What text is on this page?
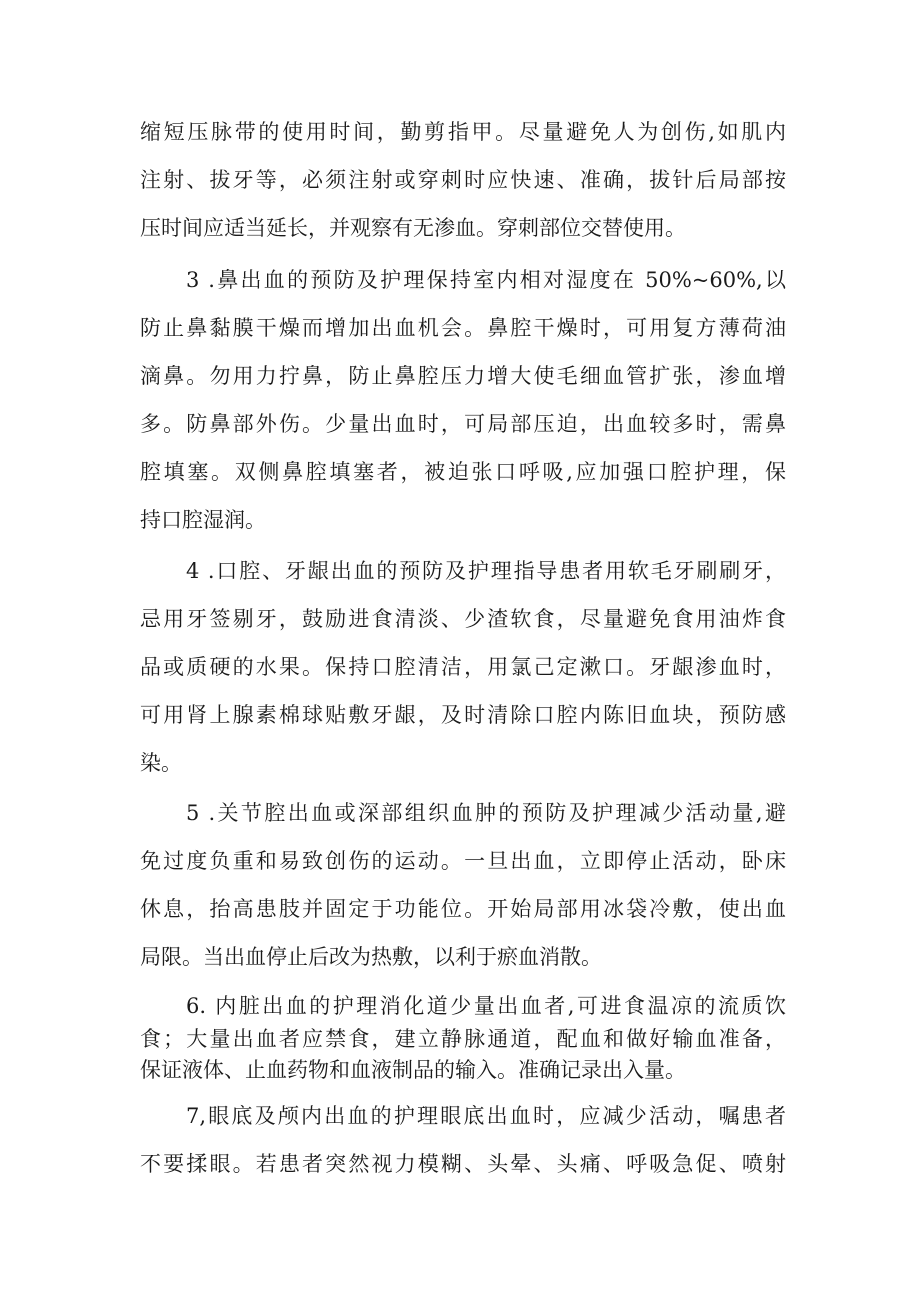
缩短压脉带的使用时间，勤剪指甲。尽量避免人为创伤,如肌内
注射、拔牙等，必须注射或穿刺时应快速、准确，拔针后局部按
压时间应适当延长，并观察有无渗血。穿刺部位交替使用。
3 .鼻出血的预防及护理保持室内相对湿度在 50%~60%,以
防止鼻黏膜干燥而增加出血机会。鼻腔干燥时，可用复方薄荷油
滴鼻。勿用力拧鼻，防止鼻腔压力增大使毛细血管扩张，渗血增
多。防鼻部外伤。少量出血时，可局部压迫，出血较多时，需鼻
腔填塞。双侧鼻腔填塞者，被迫张口呼吸,应加强口腔护理，保
持口腔湿润。
4 .口腔、牙龈出血的预防及护理指导患者用软毛牙刷刷牙，
忌用牙签剔牙，鼓励进食清淡、少渣软食，尽量避免食用油炸食
品或质硬的水果。保持口腔清洁，用氯己定漱口。牙龈渗血时，
可用肾上腺素棉球贴敷牙龈，及时清除口腔内陈旧血块，预防感
染。
5 .关节腔出血或深部组织血肿的预防及护理减少活动量,避
免过度负重和易致创伤的运动。一旦出血，立即停止活动，卧床
休息，抬高患肢并固定于功能位。开始局部用冰袋冷敷，使出血
局限。当出血停止后改为热敷，以利于瘀血消散。
6. 内脏出血的护理消化道少量出血者,可进食温凉的流质饮
食；大量出血者应禁食，建立静脉通道，配血和做好输血准备，
保证液体、止血药物和血液制品的输入。准确记录出入量。
7,眼底及颅内出血的护理眼底出血时，应减少活动，嘱患者
不要揉眼。若患者突然视力模糊、头晕、头痛、呼吸急促、喷射
